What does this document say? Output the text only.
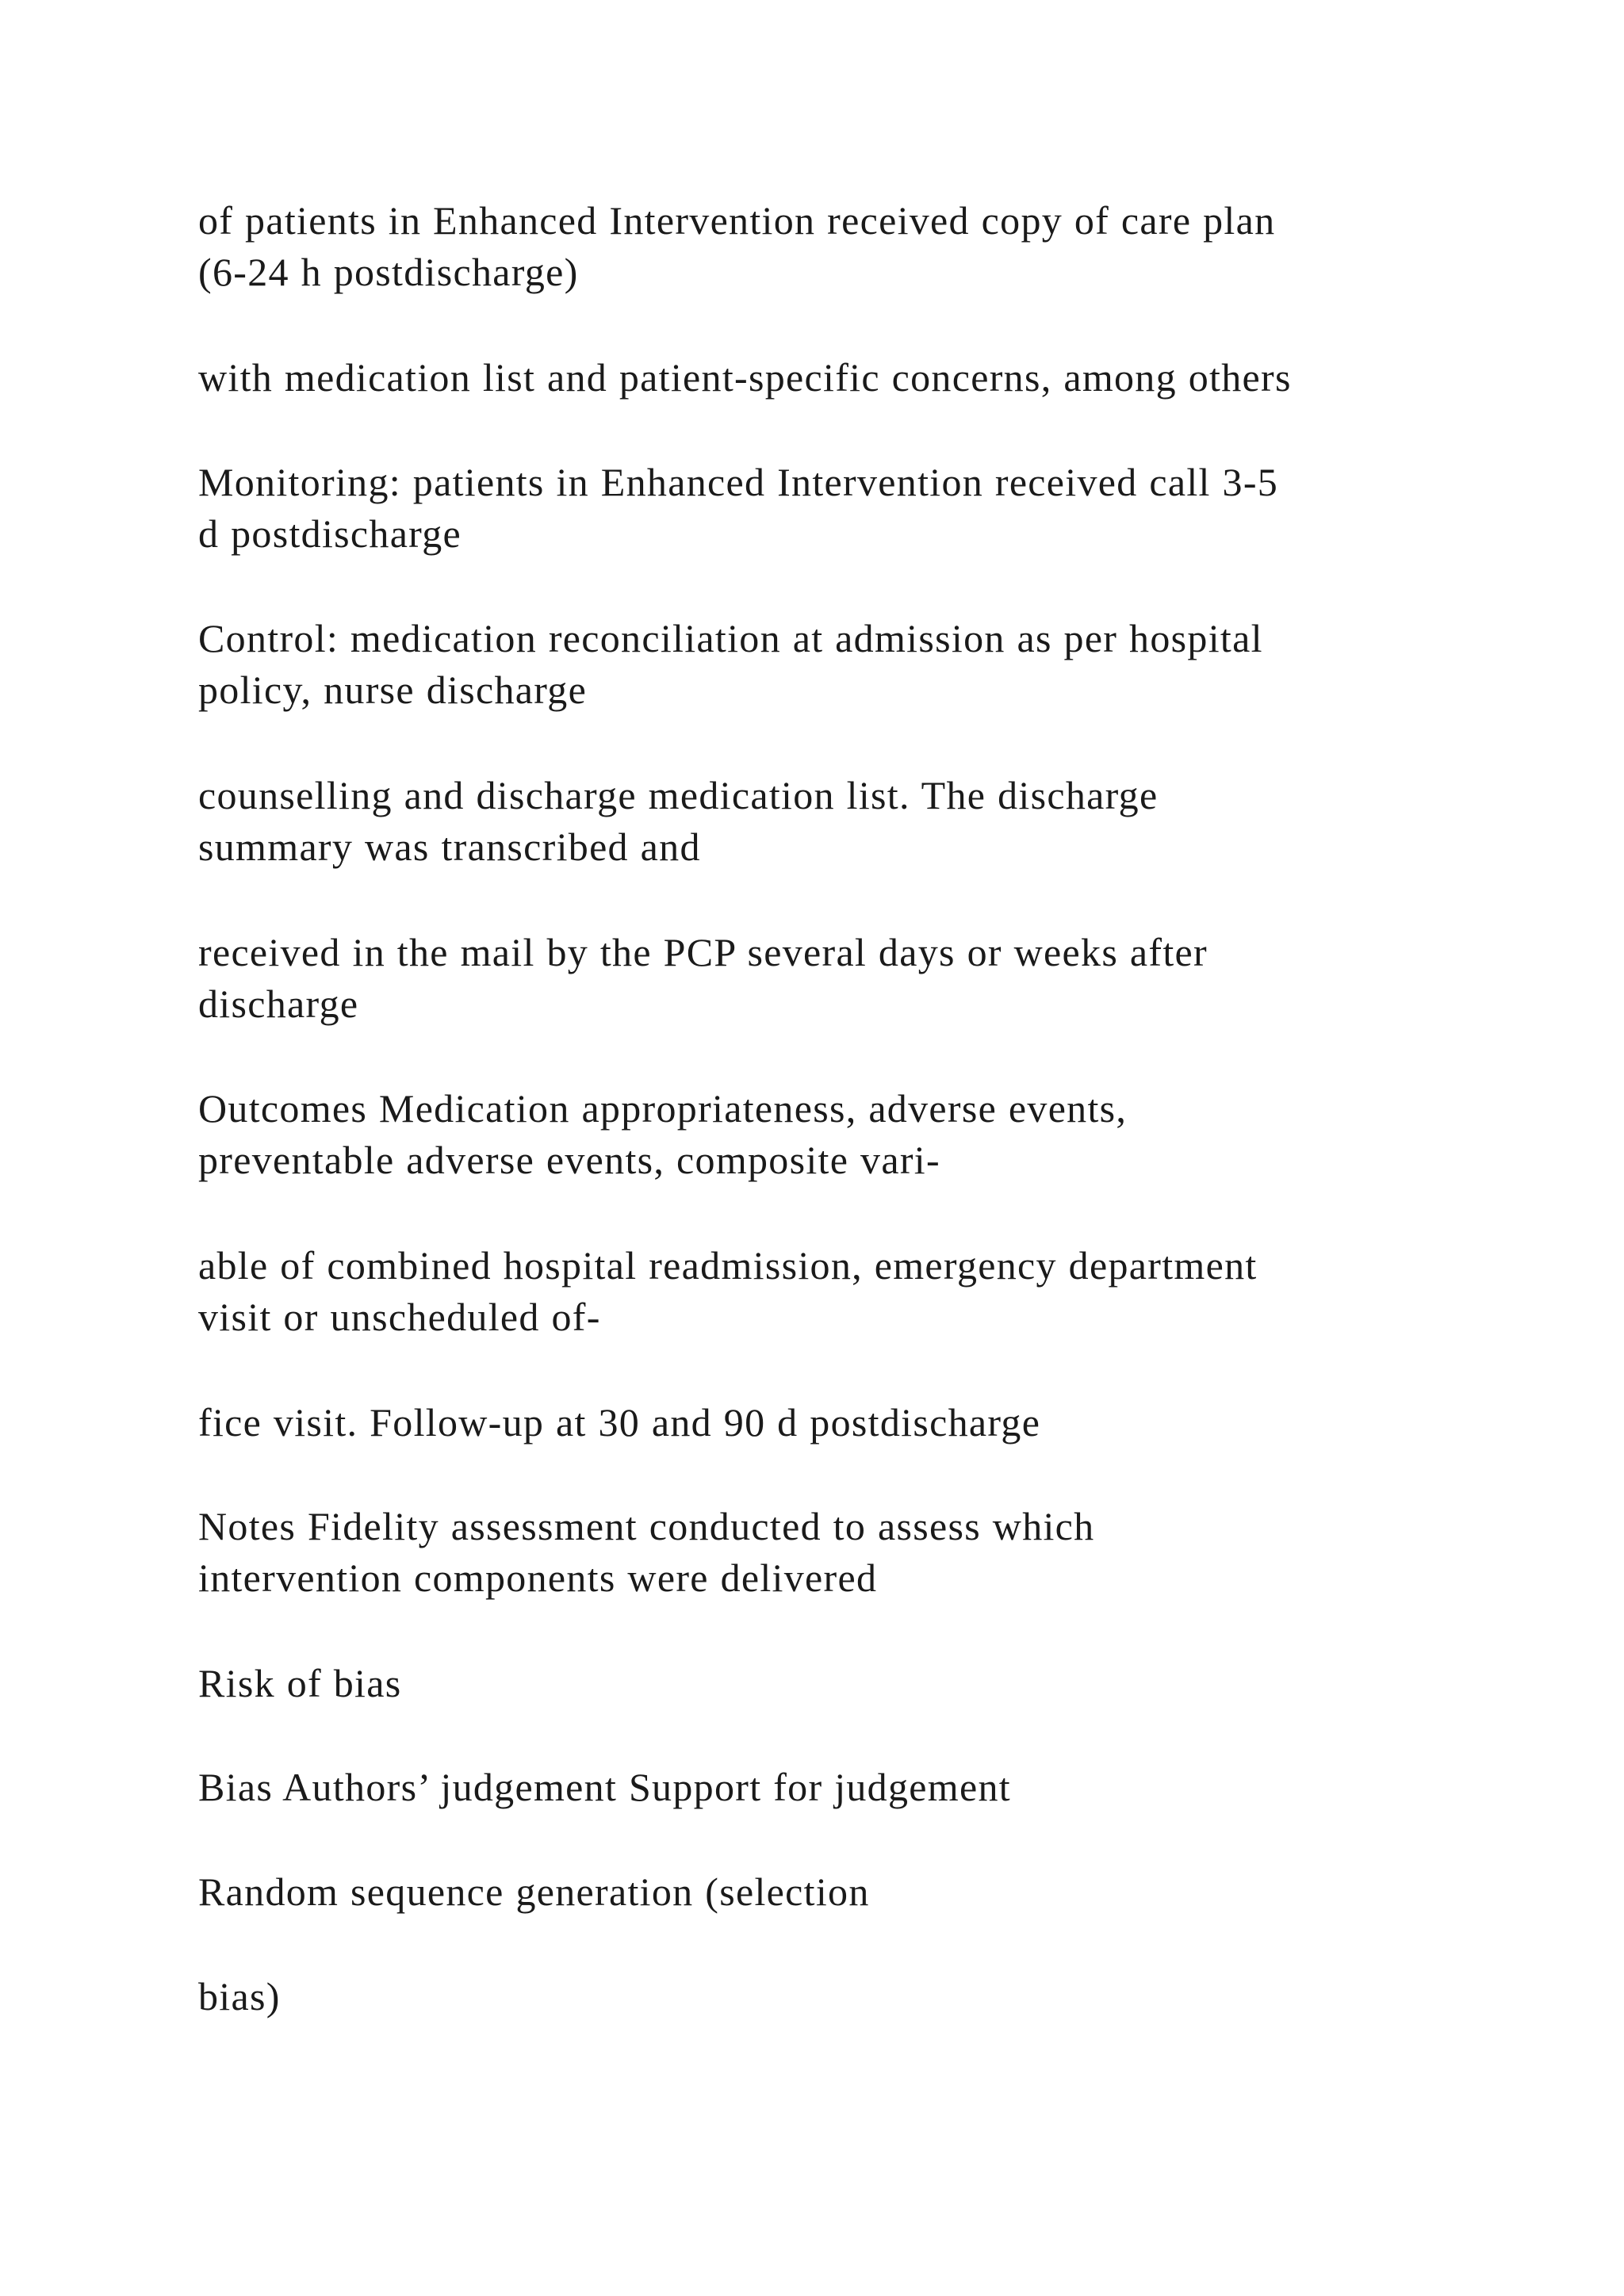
of patients in Enhanced Intervention received copy of care plan
(6-24 h postdischarge)

with medication list and patient-specific concerns, among others

Monitoring: patients in Enhanced Intervention received call 3-5
d postdischarge

Control: medication reconciliation at admission as per hospital
policy, nurse discharge

counselling and discharge medication list. The discharge
summary was transcribed and

received in the mail by the PCP several days or weeks after
discharge

Outcomes Medication appropriateness, adverse events,
preventable adverse events, composite vari-

able of combined hospital readmission, emergency department
visit or unscheduled of-

fice visit. Follow-up at 30 and 90 d postdischarge

Notes Fidelity assessment conducted to assess which
intervention components were delivered

Risk of bias

Bias Authors’ judgement Support for judgement

Random sequence generation (selection

bias)
